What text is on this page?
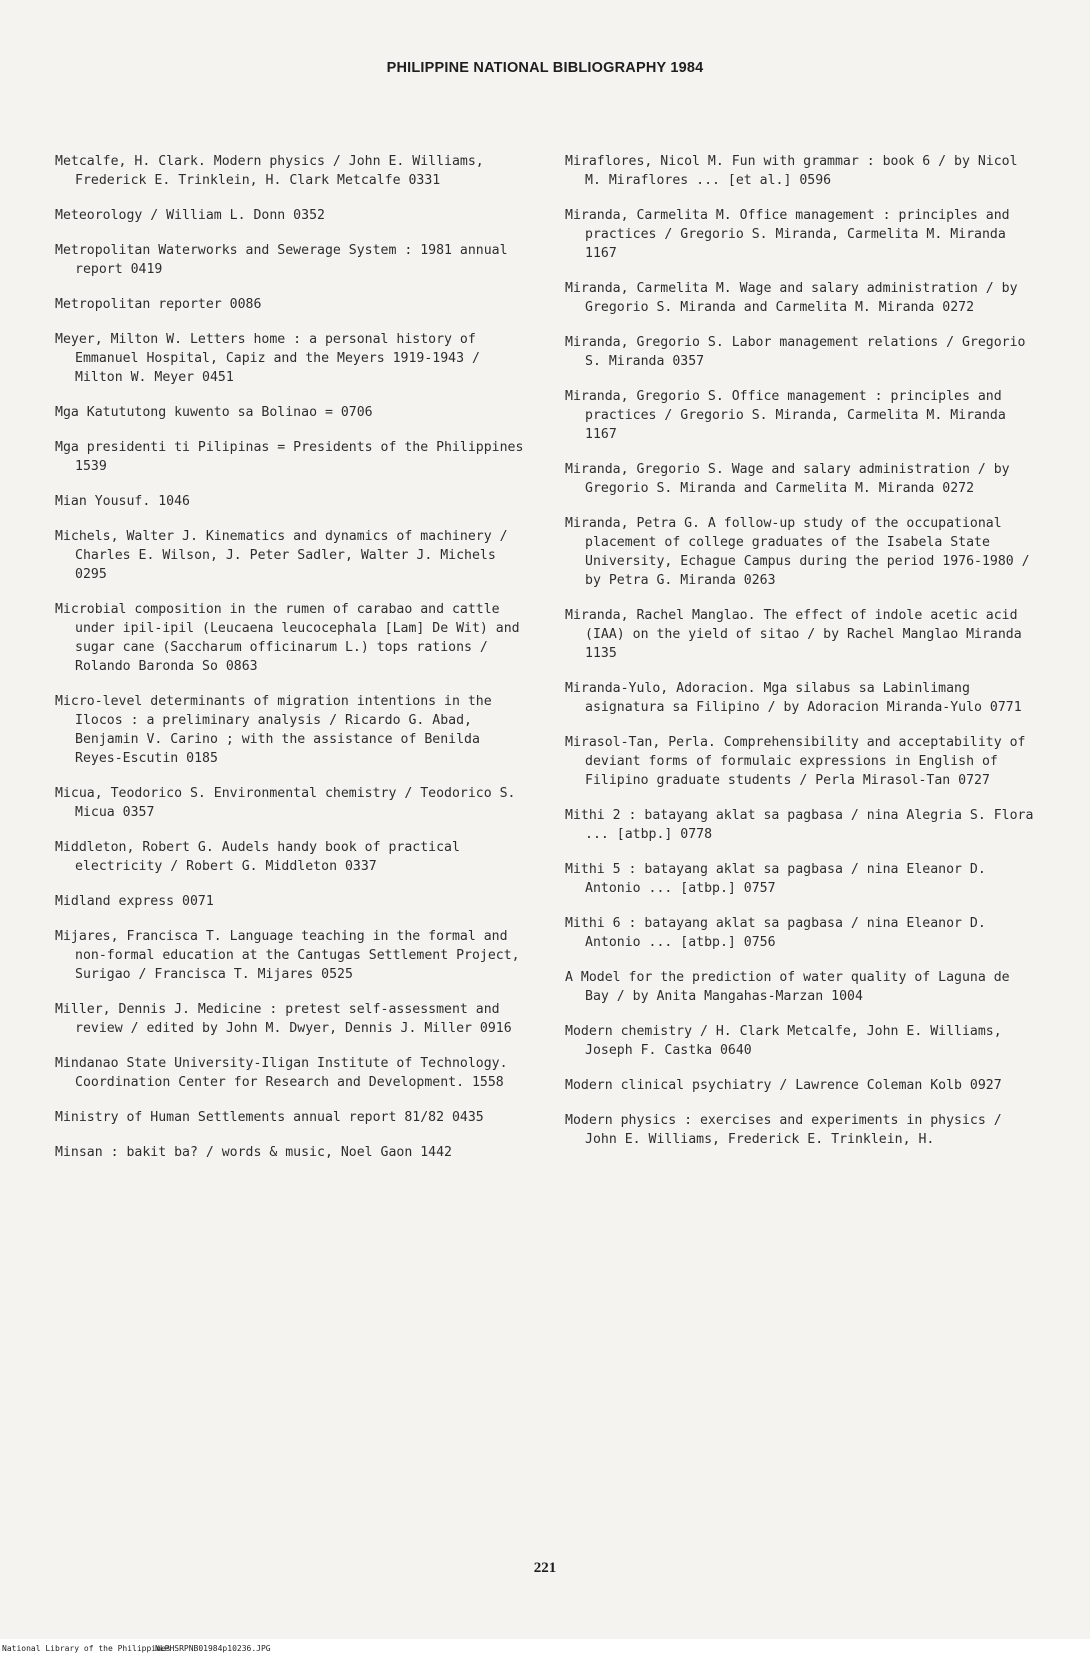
PHILIPPINE NATIONAL BIBLIOGRAPHY 1984

Metcalfe, H. Clark. Modern physics / John E. Williams, Frederick E. Trinklein, H. Clark Metcalfe 0331

Meteorology / William L. Donn 0352

Metropolitan Waterworks and Sewerage System : 1981 annual report 0419

Metropolitan reporter 0086

Meyer, Milton W. Letters home : a personal history of Emmanuel Hospital, Capiz and the Meyers 1919-1943 / Milton W. Meyer 0451

Mga Katututong kuwento sa Bolinao = 0706

Mga presidenti ti Pilipinas = Presidents of the Philippines 1539

Mian Yousuf. 1046

Michels, Walter J. Kinematics and dynamics of machinery / Charles E. Wilson, J. Peter Sadler, Walter J. Michels 0295

Microbial composition in the rumen of carabao and cattle under ipil-ipil (Leucaena leucocephala [Lam] De Wit) and sugar cane (Saccharum officinarum L.) tops rations / Rolando Baronda So 0863

Micro-level determinants of migration intentions in the Ilocos : a preliminary analysis / Ricardo G. Abad, Benjamin V. Carino ; with the assistance of Benilda Reyes-Escutin 0185

Micua, Teodorico S. Environmental chemistry / Teodorico S. Micua 0357

Middleton, Robert G. Audels handy book of practical electricity / Robert G. Middleton 0337

Midland express 0071

Mijares, Francisca T. Language teaching in the formal and non-formal education at the Cantugas Settlement Project, Surigao / Francisca T. Mijares 0525

Miller, Dennis J. Medicine : pretest self-assessment and review / edited by John M. Dwyer, Dennis J. Miller 0916

Mindanao State University-Iligan Institute of Technology. Coordination Center for Research and Development. 1558

Ministry of Human Settlements annual report 81/82 0435

Minsan : bakit ba? / words & music, Noel Gaon 1442

Miraflores, Nicol M. Fun with grammar : book 6 / by Nicol M. Miraflores ... [et al.] 0596

Miranda, Carmelita M. Office management : principles and practices / Gregorio S. Miranda, Carmelita M. Miranda 1167

Miranda, Carmelita M. Wage and salary administration / by Gregorio S. Miranda and Carmelita M. Miranda 0272

Miranda, Gregorio S. Labor management relations / Gregorio S. Miranda 0357

Miranda, Gregorio S. Office management : principles and practices / Gregorio S. Miranda, Carmelita M. Miranda 1167

Miranda, Gregorio S. Wage and salary administration / by Gregorio S. Miranda and Carmelita M. Miranda 0272

Miranda, Petra G. A follow-up study of the occupational placement of college graduates of the Isabela State University, Echague Campus during the period 1976-1980 / by Petra G. Miranda 0263

Miranda, Rachel Manglao. The effect of indole acetic acid (IAA) on the yield of sitao / by Rachel Manglao Miranda 1135

Miranda-Yulo, Adoracion. Mga silabus sa Labinlimang asignatura sa Filipino / by Adoracion Miranda-Yulo 0771

Mirasol-Tan, Perla. Comprehensibility and acceptability of deviant forms of formulaic expressions in English of Filipino graduate students / Perla Mirasol-Tan 0727

Mithi 2 : batayang aklat sa pagbasa / nina Alegria S. Flora ... [atbp.] 0778

Mithi 5 : batayang aklat sa pagbasa / nina Eleanor D. Antonio ... [atbp.] 0757

Mithi 6 : batayang aklat sa pagbasa / nina Eleanor D. Antonio ... [atbp.] 0756

A Model for the prediction of water quality of Laguna de Bay / by Anita Mangahas-Marzan 1004

Modern chemistry / H. Clark Metcalfe, John E. Williams, Joseph F. Castka 0640

Modern clinical psychiatry / Lawrence Coleman Kolb 0927

Modern physics : exercises and experiments in physics / John E. Williams, Frederick E. Trinklein, H.

221
National Library of the Philippines
NLPHSRPNB01984p10236.JPG
